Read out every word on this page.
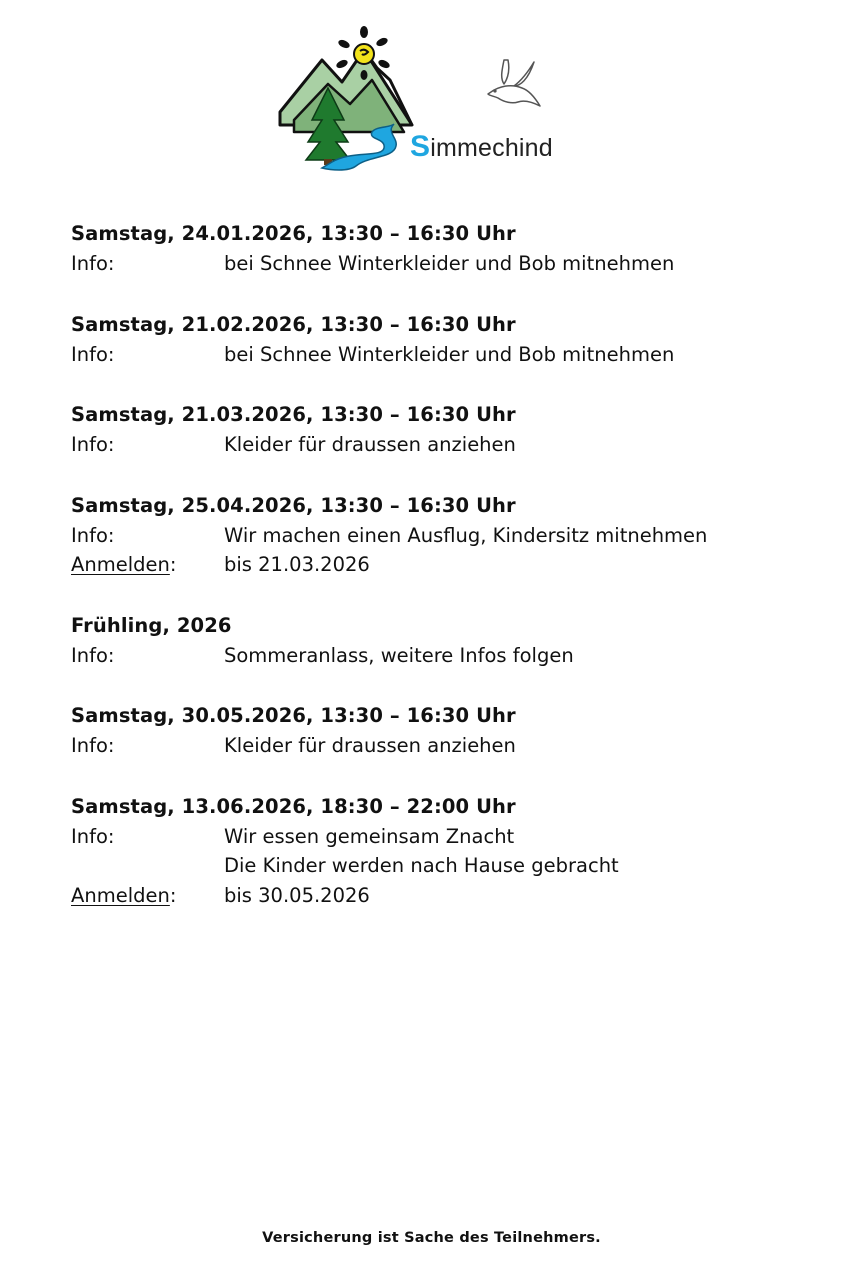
Simmechind
Samstag, 24.01.2026, 13:30 – 16:30 Uhr
Info:	bei Schnee Winterkleider und Bob mitnehmen
Samstag, 21.02.2026, 13:30 – 16:30 Uhr
Info:	bei Schnee Winterkleider und Bob mitnehmen
Samstag, 21.03.2026, 13:30 – 16:30 Uhr
Info:	Kleider für draussen anziehen
Samstag, 25.04.2026, 13:30 – 16:30 Uhr
Info:	Wir machen einen Ausflug, Kindersitz mitnehmen
Anmelden:	bis 21.03.2026
Frühling, 2026
Info:	Sommeranlass, weitere Infos folgen
Samstag, 30.05.2026, 13:30 – 16:30 Uhr
Info:	Kleider für draussen anziehen
Samstag, 13.06.2026, 18:30 – 22:00 Uhr
Info:	Wir essen gemeinsam Znacht
Die Kinder werden nach Hause gebracht
Anmelden:	bis 30.05.2026
Versicherung ist Sache des Teilnehmers.
